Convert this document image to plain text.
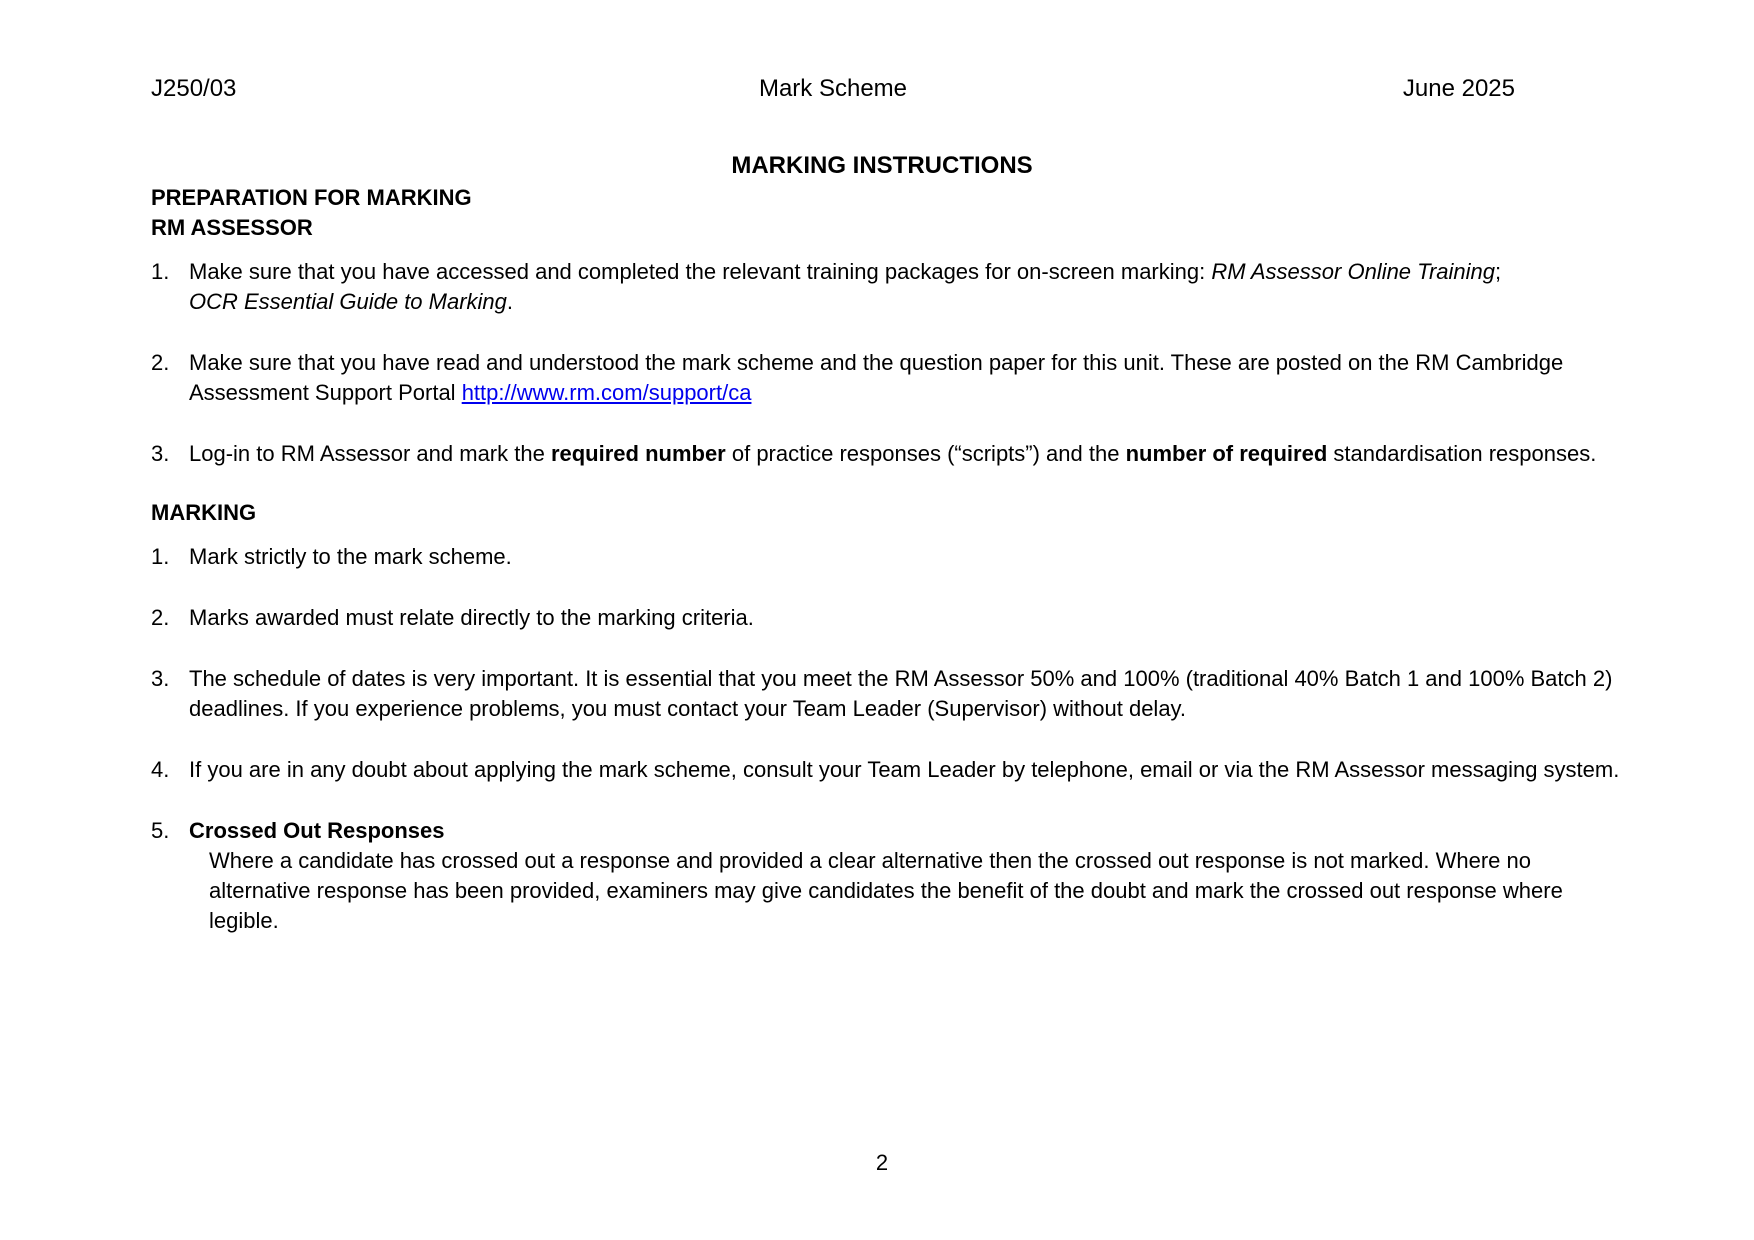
J250/03	Mark Scheme	June 2025
MARKING INSTRUCTIONS
PREPARATION FOR MARKING
RM ASSESSOR
1. Make sure that you have accessed and completed the relevant training packages for on-screen marking: RM Assessor Online Training;
OCR Essential Guide to Marking.
2. Make sure that you have read and understood the mark scheme and the question paper for this unit. These are posted on the RM Cambridge Assessment Support Portal http://www.rm.com/support/ca
3. Log-in to RM Assessor and mark the required number of practice responses (“scripts”) and the number of required standardisation responses.
MARKING
1. Mark strictly to the mark scheme.
2. Marks awarded must relate directly to the marking criteria.
3. The schedule of dates is very important. It is essential that you meet the RM Assessor 50% and 100% (traditional 40% Batch 1 and 100% Batch 2) deadlines. If you experience problems, you must contact your Team Leader (Supervisor) without delay.
4. If you are in any doubt about applying the mark scheme, consult your Team Leader by telephone, email or via the RM Assessor messaging system.
5. Crossed Out Responses
Where a candidate has crossed out a response and provided a clear alternative then the crossed out response is not marked. Where no alternative response has been provided, examiners may give candidates the benefit of the doubt and mark the crossed out response where legible.
2
